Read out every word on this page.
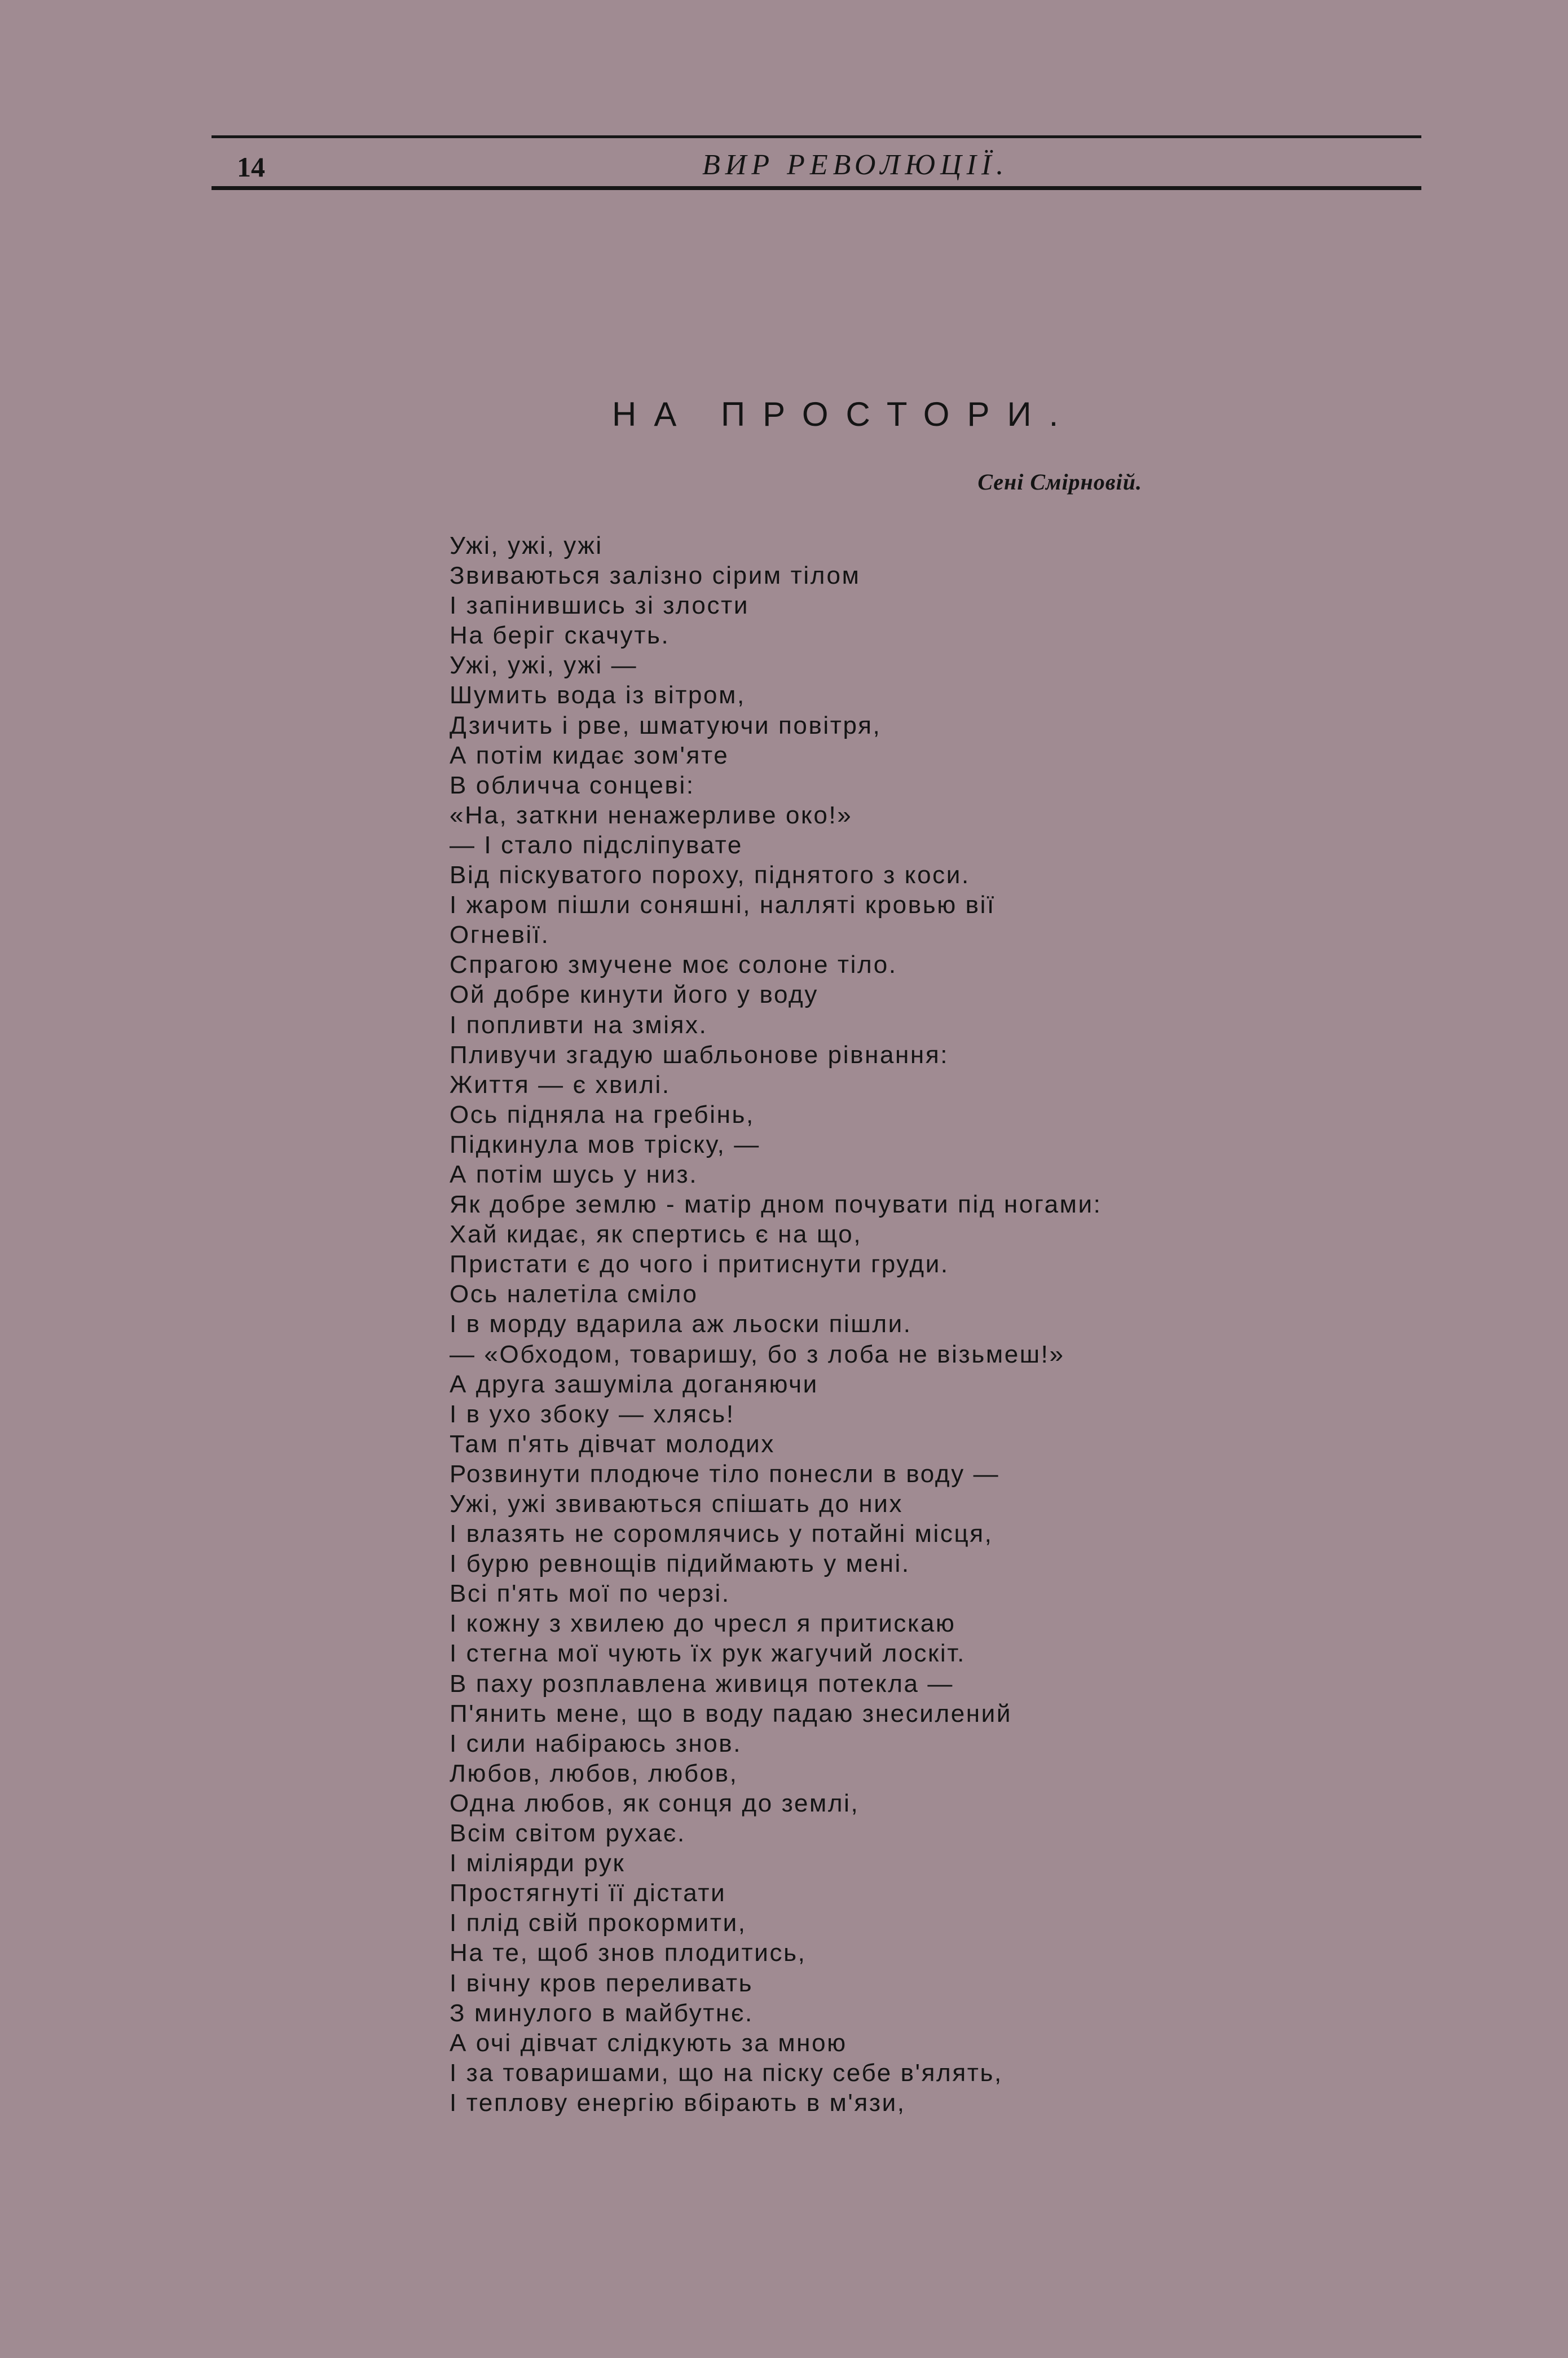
14	ВИР РЕВОЛЮЦІЇ.
НА ПРОСТОРИ.
Сені Смірновій.
Ужі, ужі, ужі
Звиваються залізно сірим тілом
І запінившись зі злости
На беріг скачуть.
Ужі, ужі, ужі —
Шумить вода із вітром,
Дзичить і рве, шматуючи повітря,
А потім кидає зом'яте
В обличча сонцеві:
«На, заткни ненажерливе око!»
— І стало підсліпувате
Від піскуватого пороху, піднятого з коси.
І жаром пішли соняшні, налляті кровью вії
Огневії.
Спрагою змучене моє солоне тіло.
Ой добре кинути його у воду
І попливти на зміях.
Пливучи згадую шабльонове рівнання:
Життя — є хвилі.
Ось підняла на гребінь,
Підкинула мов тріску, —
А потім шусь у низ.
Як добре землю - матір дном почувати під ногами:
Хай кидає, як спертись є на що,
Пристати є до чого і притиснути груди.
Ось налетіла сміло
І в морду вдарила аж льоски пішли.
— «Обходом, товаришу, бо з лоба не візьмеш!»
А друга зашуміла доганяючи
І в ухо збоку — хлясь!
Там п'ять дівчат молодих
Розвинути плодюче тіло понесли в воду —
Ужі, ужі звиваються спішать до них
І влазять не соромлячись у потайні місця,
І бурю ревнощів підиймають у мені.
Всі п'ять мої по черзі.
І кожну з хвилею до чресл я притискаю
І стегна мої чують їх рук жагучий лоскіт.
В паху розплавлена живиця потекла —
П'янить мене, що в воду падаю знесилений
І сили набіраюсь знов.
Любов, любов, любов,
Одна любов, як сонця до землі,
Всім світом рухає.
І міліярди рук
Простягнуті її дістати
І плід свій прокормити,
На те, щоб знов плодитись,
І вічну кров переливать
З минулого в майбутнє.
А очі дівчат слідкують за мною
І за товаришами, що на піску себе в'ялять,
І теплову енергію вбірають в м'язи,
